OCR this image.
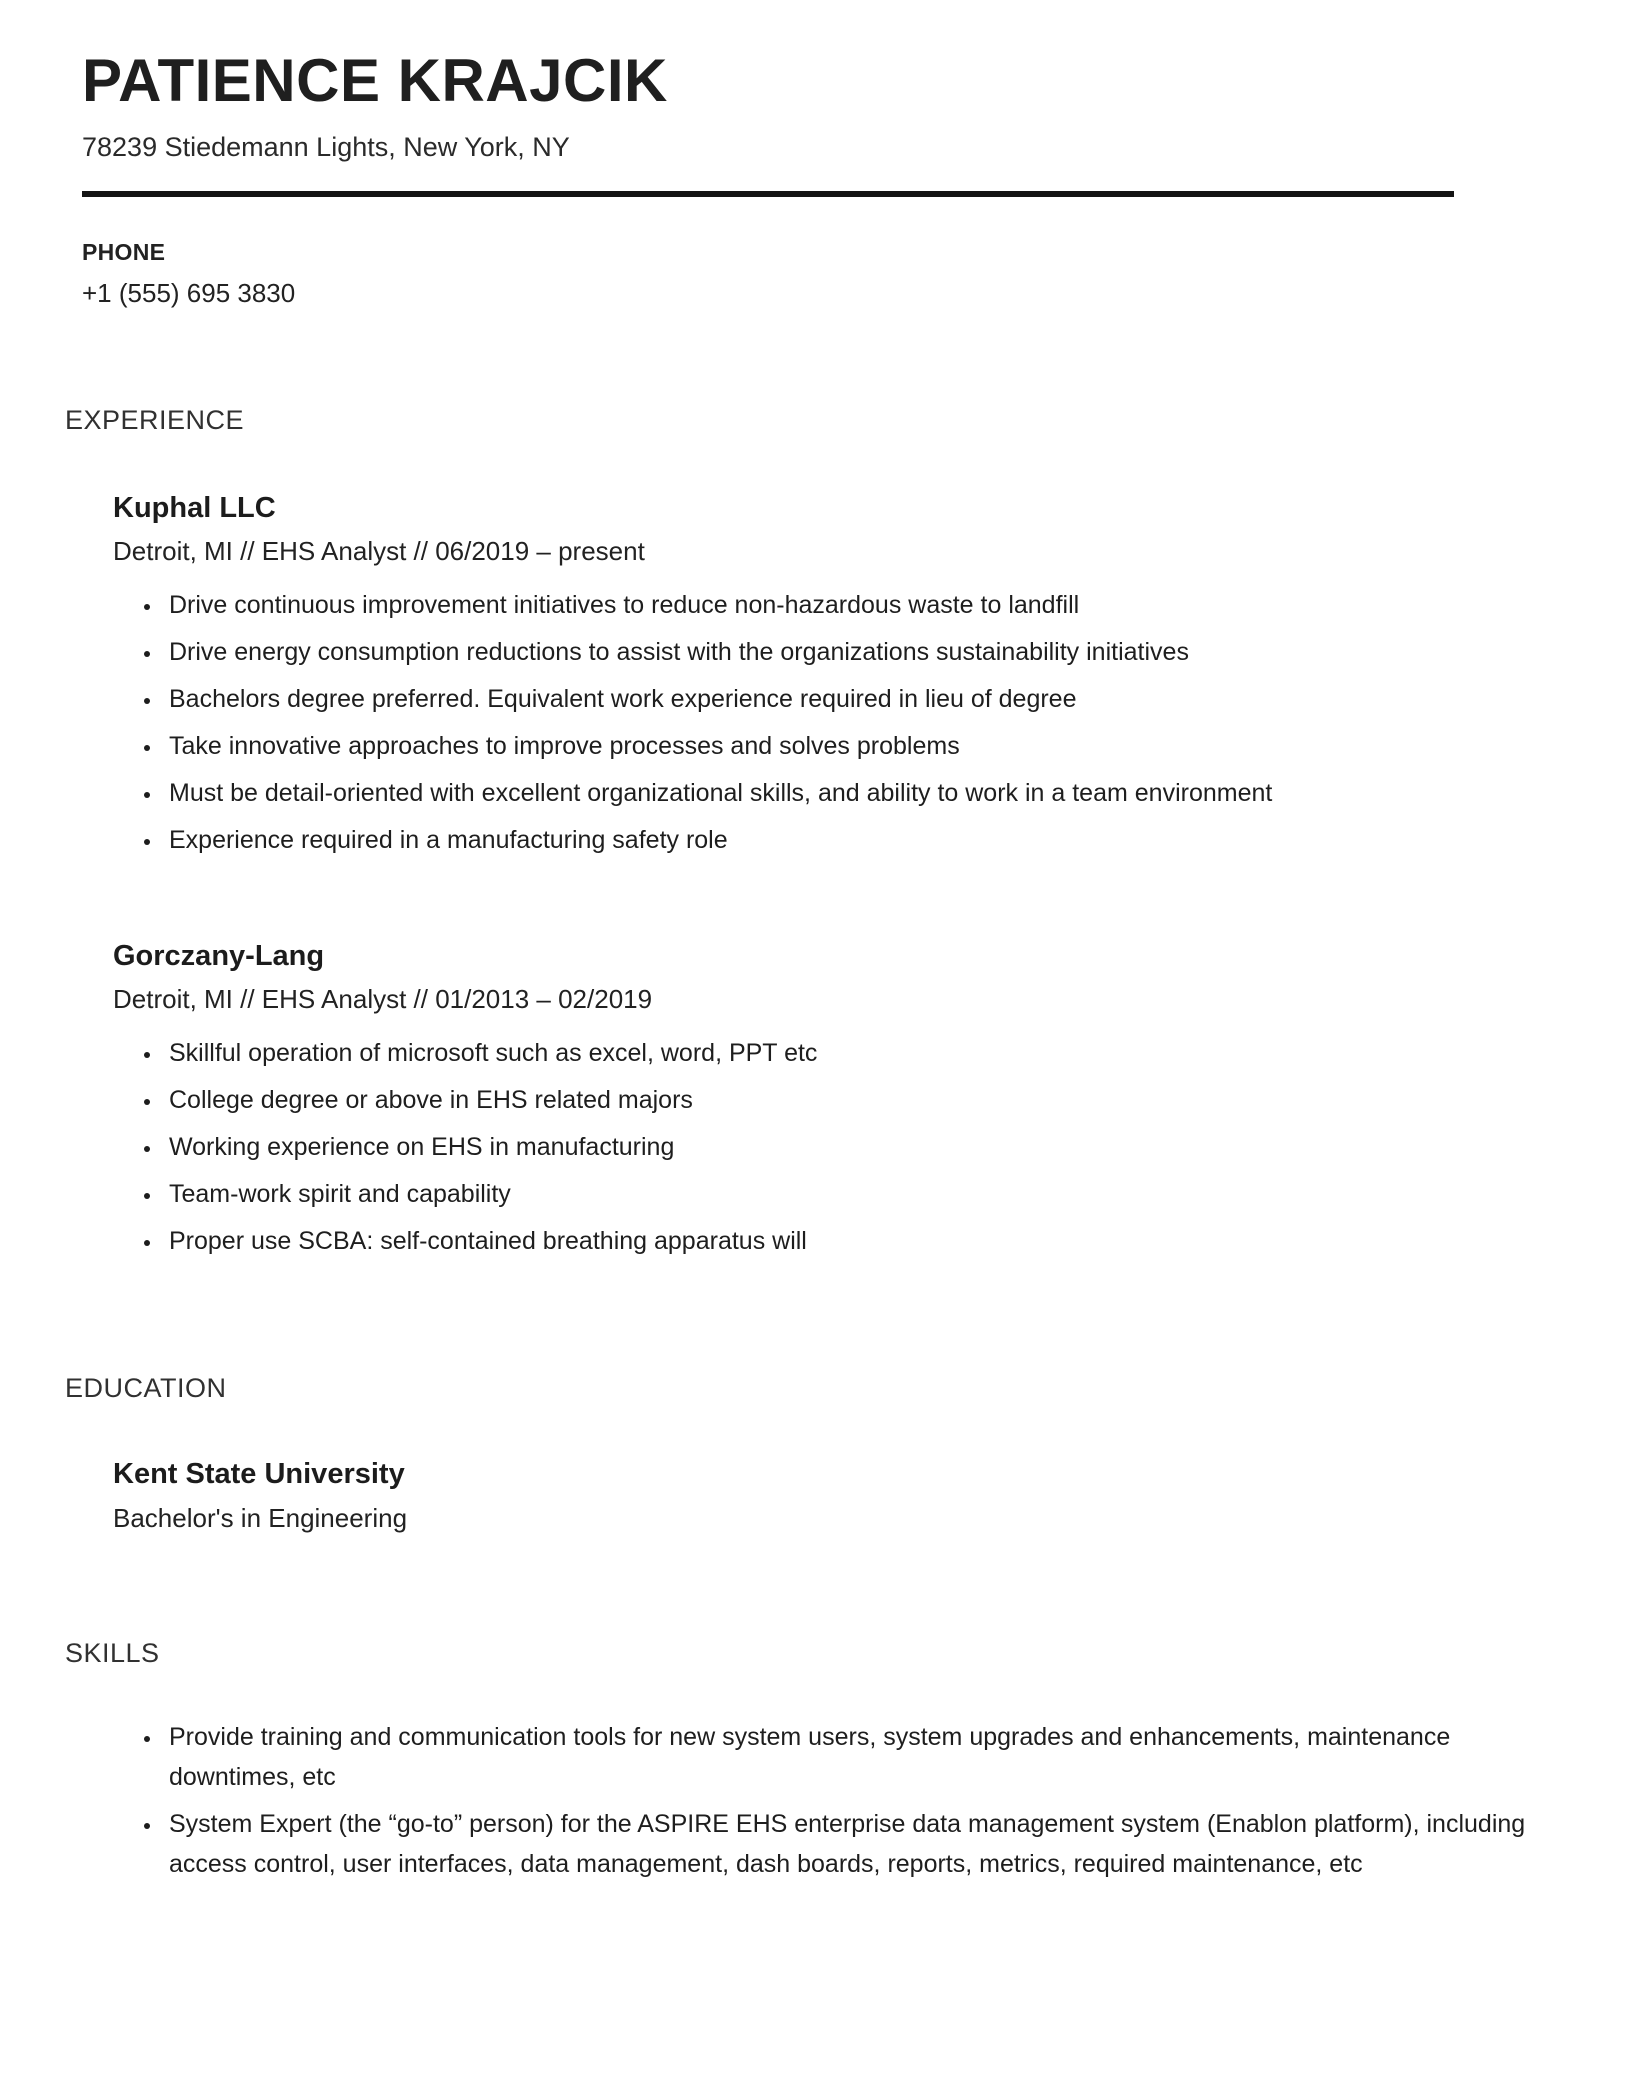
PATIENCE KRAJCIK
78239 Stiedemann Lights, New York, NY
PHONE
+1 (555) 695 3830
EXPERIENCE
Kuphal LLC
Detroit, MI // EHS Analyst // 06/2019 – present
• Drive continuous improvement initiatives to reduce non-hazardous waste to landfill
• Drive energy consumption reductions to assist with the organizations sustainability initiatives
• Bachelors degree preferred. Equivalent work experience required in lieu of degree
• Take innovative approaches to improve processes and solves problems
• Must be detail-oriented with excellent organizational skills, and ability to work in a team environment
• Experience required in a manufacturing safety role
Gorczany-Lang
Detroit, MI // EHS Analyst // 01/2013 – 02/2019
• Skillful operation of microsoft such as excel, word, PPT etc
• College degree or above in EHS related majors
• Working experience on EHS in manufacturing
• Team-work spirit and capability
• Proper use SCBA: self-contained breathing apparatus will
EDUCATION
Kent State University
Bachelor's in Engineering
SKILLS
• Provide training and communication tools for new system users, system upgrades and enhancements, maintenance downtimes, etc
• System Expert (the “go-to” person) for the ASPIRE EHS enterprise data management system (Enablon platform), including access control, user interfaces, data management, dash boards, reports, metrics, required maintenance, etc
